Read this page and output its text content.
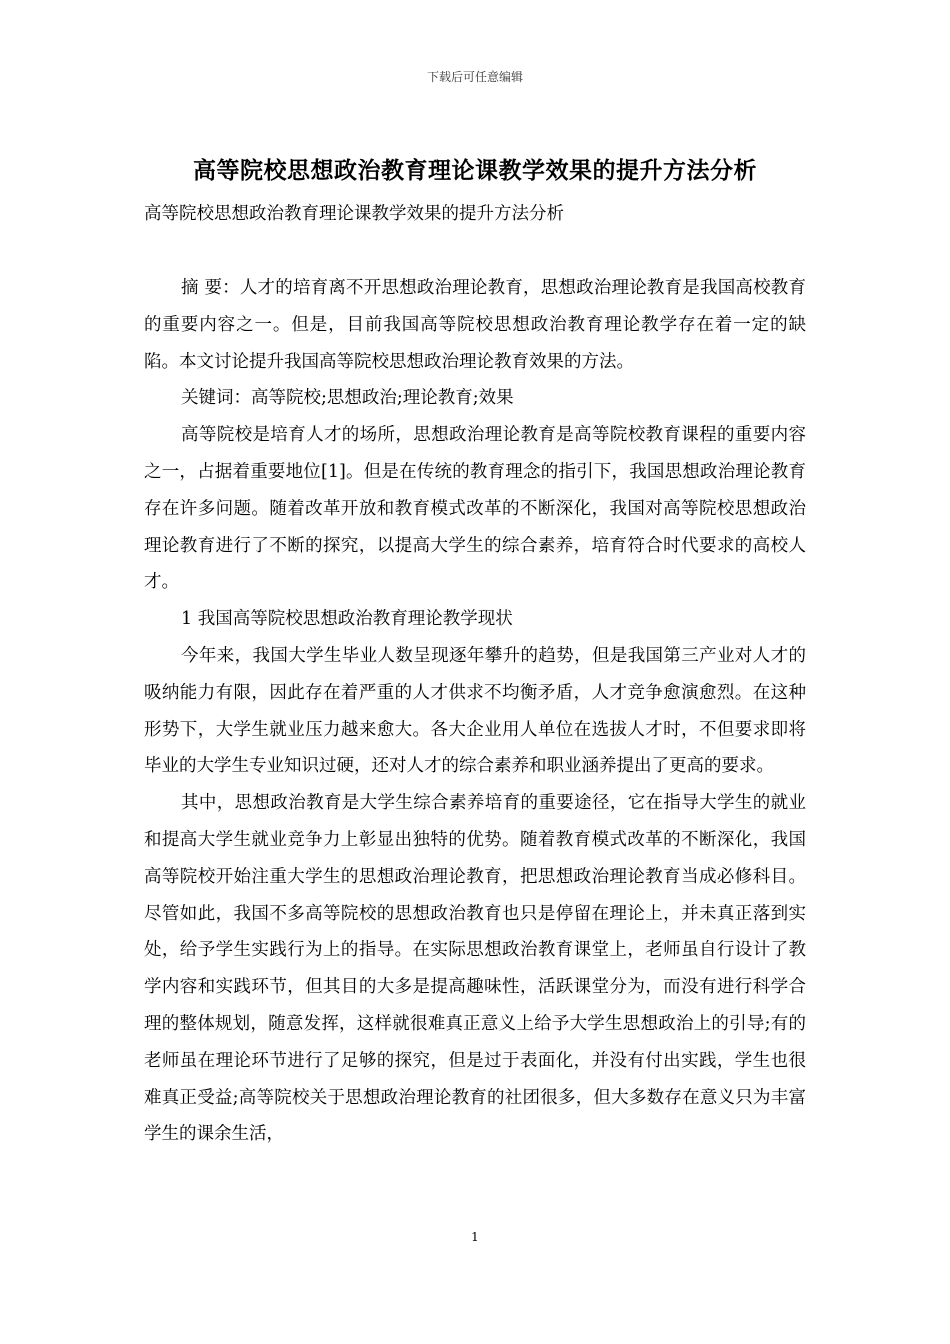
下载后可任意编辑
高等院校思想政治教育理论课教学效果的提升方法分析
高等院校思想政治教育理论课教学效果的提升方法分析

摘 要：人才的培育离不开思想政治理论教育，思想政治理论教育是我国高校教育的重要内容之一。但是，目前我国高等院校思想政治教育理论教学存在着一定的缺陷。本文讨论提升我国高等院校思想政治理论教育效果的方法。

关键词：高等院校;思想政治;理论教育;效果

高等院校是培育人才的场所，思想政治理论教育是高等院校教育课程的重要内容之一，占据着重要地位[1]。但是在传统的教育理念的指引下，我国思想政治理论教育存在许多问题。随着改革开放和教育模式改革的不断深化，我国对高等院校思想政治理论教育进行了不断的探究，以提高大学生的综合素养，培育符合时代要求的高校人才。

1 我国高等院校思想政治教育理论教学现状

今年来，我国大学生毕业人数呈现逐年攀升的趋势，但是我国第三产业对人才的吸纳能力有限，因此存在着严重的人才供求不均衡矛盾，人才竞争愈演愈烈。在这种形势下，大学生就业压力越来愈大。各大企业用人单位在选拔人才时，不但要求即将毕业的大学生专业知识过硬，还对人才的综合素养和职业涵养提出了更高的要求。

其中，思想政治教育是大学生综合素养培育的重要途径，它在指导大学生的就业和提高大学生就业竞争力上彰显出独特的优势。随着教育模式改革的不断深化，我国高等院校开始注重大学生的思想政治理论教育，把思想政治理论教育当成必修科目。尽管如此，我国不多高等院校的思想政治教育也只是停留在理论上，并未真正落到实处，给予学生实践行为上的指导。在实际思想政治教育课堂上，老师虽自行设计了教学内容和实践环节，但其目的大多是提高趣味性，活跃课堂分为，而没有进行科学合理的整体规划，随意发挥，这样就很难真正意义上给予大学生思想政治上的引导;有的老师虽在理论环节进行了足够的探究，但是过于表面化，并没有付出实践，学生也很难真正受益;高等院校关于思想政治理论教育的社团很多，但大多数存在意义只为丰富学生的课余生活，

1
